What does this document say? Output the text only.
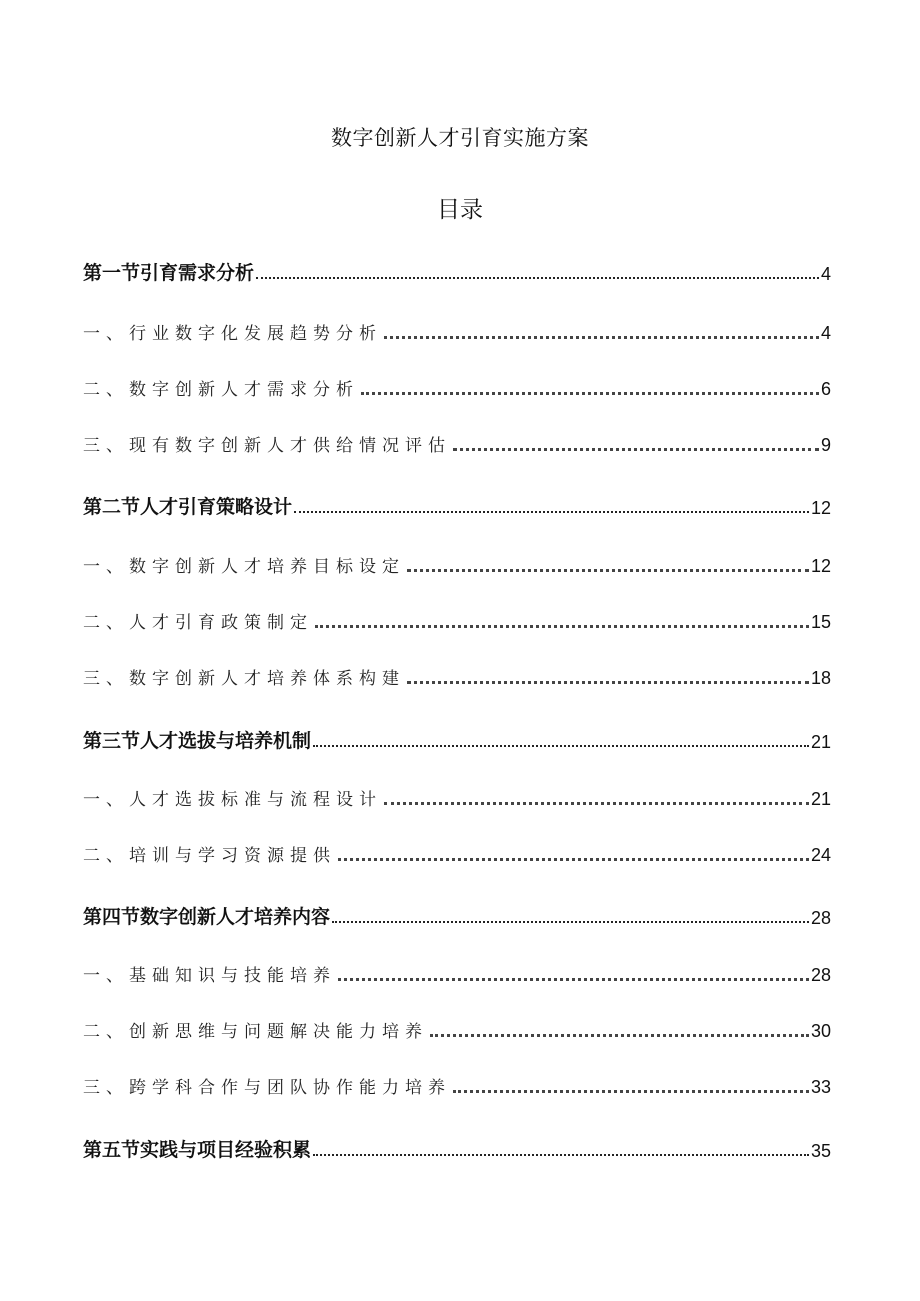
数字创新人才引育实施方案
目录
第一节引育需求分析	4
一、行业数字化发展趋势分析	4
二、数字创新人才需求分析	6
三、现有数字创新人才供给情况评估	9
第二节人才引育策略设计	12
一、数字创新人才培养目标设定	12
二、人才引育政策制定	15
三、数字创新人才培养体系构建	18
第三节人才选拔与培养机制	21
一、人才选拔标准与流程设计	21
二、培训与学习资源提供	24
第四节数字创新人才培养内容	28
一、基础知识与技能培养	28
二、创新思维与问题解决能力培养	30
三、跨学科合作与团队协作能力培养	33
第五节实践与项目经验积累	35
